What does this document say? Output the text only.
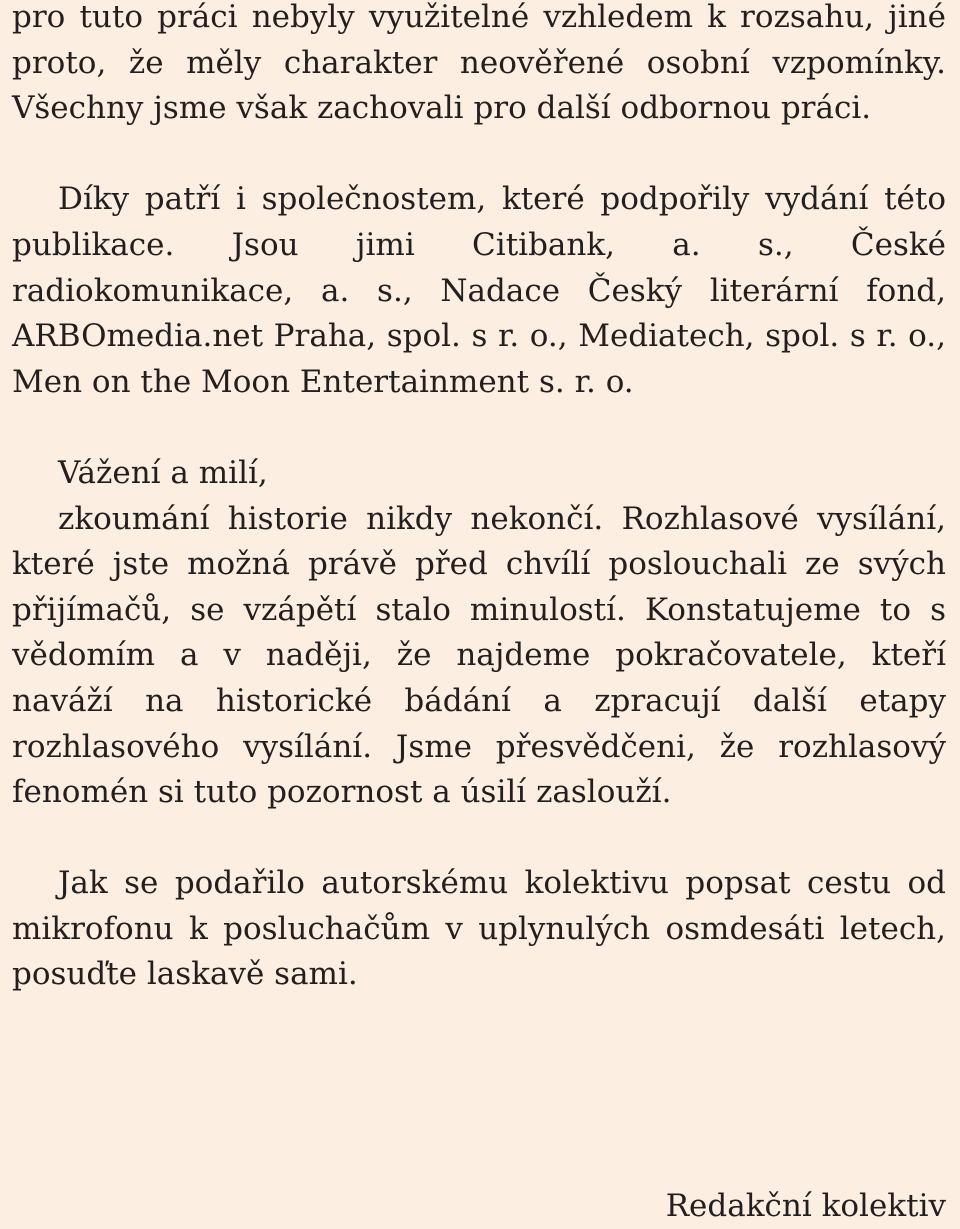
pro tuto práci nebyly využitelné vzhledem k rozsahu, jiné proto, že měly charakter neověřené osobní vzpomínky. Všechny jsme však zachovali pro další odbornou práci.

Díky patří i společnostem, které podpořily vydání této publikace. Jsou jimi Citibank, a. s., České radiokomunikace, a. s., Nadace Český literární fond, ARBOmedia.net Praha, spol. s r. o., Mediatech, spol. s r. o., Men on the Moon Entertainment s. r. o.

Vážení a milí,

zkoumání historie nikdy nekončí. Rozhlasové vysílání, které jste možná právě před chvílí poslouchali ze svých přijímačů, se vzápětí stalo minulostí. Konstatujeme to s vědomím a v naději, že najdeme pokračovatele, kteří naváží na historické bádání a zpracují další etapy rozhlasového vysílání. Jsme přesvědčeni, že rozhlasový fenomén si tuto pozornost a úsilí zaslouží.

Jak se podařilo autorskému kolektivu popsat cestu od mikrofonu k posluchačům v uplynulých osmdesáti letech, posuďte laskavě sami.

Redakční kolektiv
